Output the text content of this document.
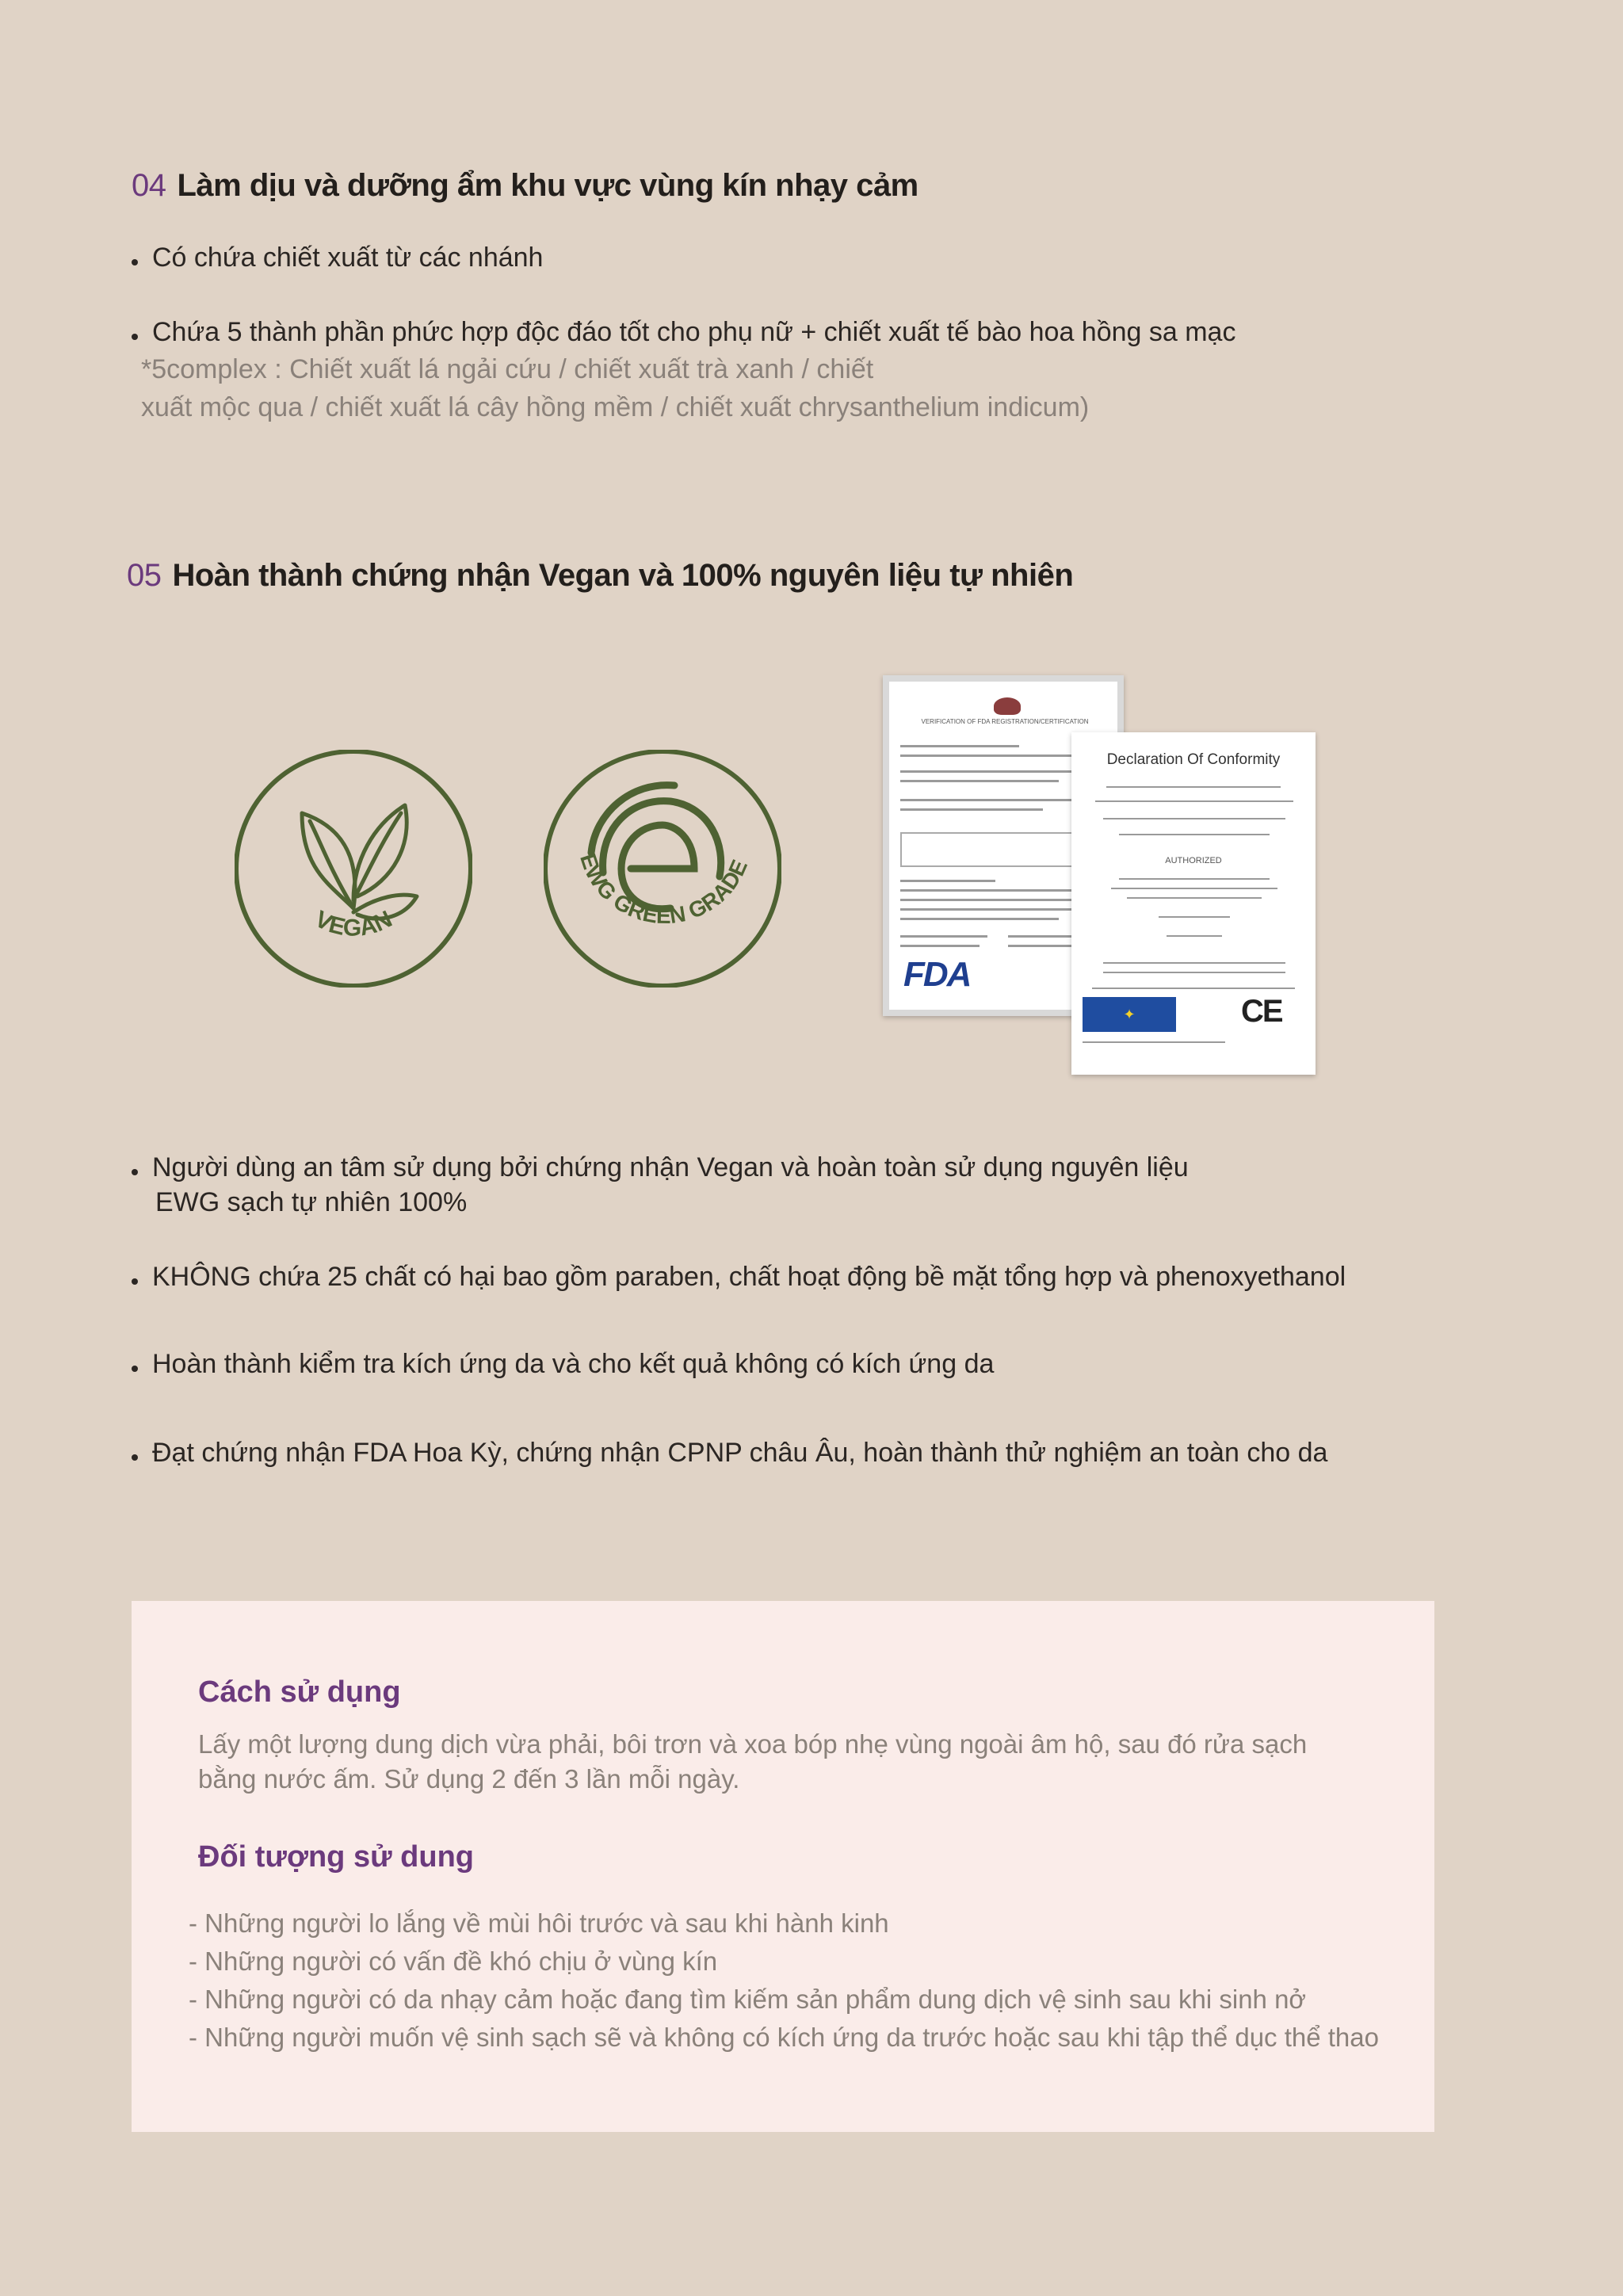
04 Làm dịu và dưỡng ẩm khu vực vùng kín nhạy cảm
Có chứa chiết xuất từ các nhánh
Chứa 5 thành phần phức hợp độc đáo tốt cho phụ nữ + chiết xuất tế bào hoa hồng sa mạc
*5complex : Chiết xuất lá ngải cứu / chiết xuất trà xanh / chiết
xuất mộc qua / chiết xuất lá cây hồng mềm / chiết xuất chrysanthelium indicum)
05 Hoàn thành chứng nhận Vegan và 100% nguyên liệu tự nhiên
VEGAN
EWG GREEN GRADE
VERIFICATION OF FDA REGISTRATION/CERTIFICATION
FDA
Declaration Of Conformity
AUTHORIZED
✦	CE
Người dùng an tâm sử dụng bởi chứng nhận Vegan và hoàn toàn sử dụng nguyên liệu
EWG sạch tự nhiên 100%
KHÔNG chứa 25 chất có hại bao gồm paraben, chất hoạt động bề mặt tổng hợp và phenoxyethanol
Hoàn thành kiểm tra kích ứng da và cho kết quả không có kích ứng da
Đạt chứng nhận FDA Hoa Kỳ, chứng nhận CPNP châu Âu, hoàn thành thử nghiệm an toàn cho da
Cách sử dụng
Lấy một lượng dung dịch vừa phải, bôi trơn và xoa bóp nhẹ vùng ngoài âm hộ, sau đó rửa sạch
bằng nước ấm. Sử dụng 2 đến 3 lần mỗi ngày.
Đối tượng sử dung
- Những người lo lắng về mùi hôi trước và sau khi hành kinh
- Những người có vấn đề khó chịu ở vùng kín
- Những người có da nhạy cảm hoặc đang tìm kiếm sản phẩm dung dịch vệ sinh sau khi sinh nở
- Những người muốn vệ sinh sạch sẽ và không có kích ứng da trước hoặc sau khi tập thể dục thể thao
